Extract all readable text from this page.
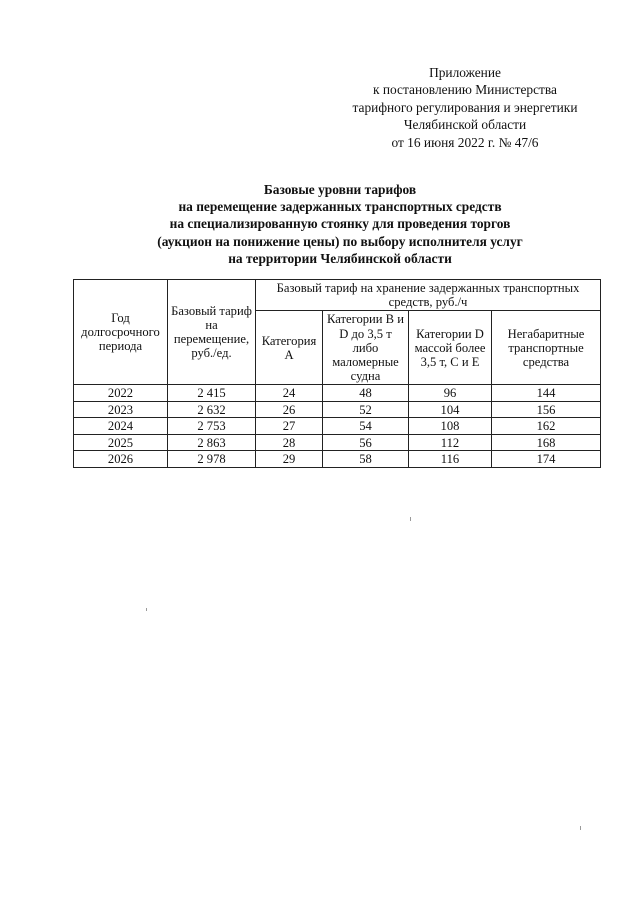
Приложение
к постановлению Министерства
тарифного регулирования и энергетики
Челябинской области
от 16 июня 2022 г. № 47/6
Базовые уровни тарифов
на перемещение задержанных транспортных средств
на специализированную стоянку для проведения торгов
(аукцион на понижение цены) по выбору исполнителя услуг
на территории Челябинской области
Год долгосрочного периода	Базовый тариф на перемещение, руб./ед.	Базовый тариф на хранение задержанных транспортных средств, руб./ч			
		Категория А	Категории В и D до 3,5 т либо маломерные судна	Категории D массой более 3,5 т, С и Е	Негабаритные транспортные средства
2022	2 415	24	48	96	144
2023	2 632	26	52	104	156
2024	2 753	27	54	108	162
2025	2 863	28	56	112	168
2026	2 978	29	58	116	174
